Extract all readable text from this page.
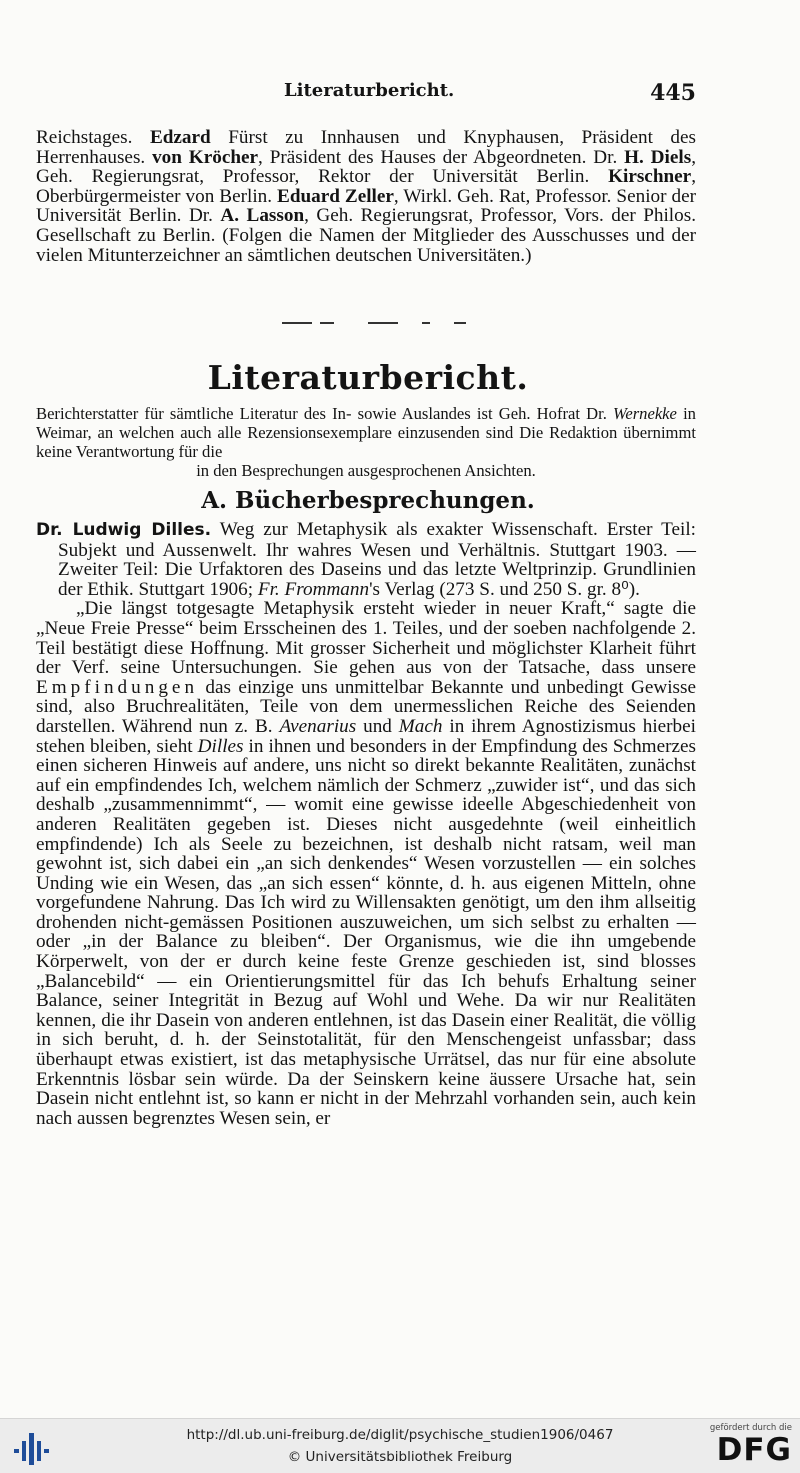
Literaturbericht.	445

Reichstages. Edzard Fürst zu Innhausen und Knyphausen, Präsident des Herrenhauses. von Kröcher, Präsident des Hauses der Abgeordneten. Dr. H. Diels, Geh. Regierungsrat, Professor, Rektor der Universität Berlin. Kirschner, Oberbürgermeister von Berlin. Eduard Zeller, Wirkl. Geh. Rat, Professor. Senior der Universität Berlin. Dr. A. Lasson, Geh. Regierungsrat, Professor, Vors. der Philos. Gesellschaft zu Berlin. (Folgen die Namen der Mitglieder des Ausschusses und der vielen Mitunterzeichner an sämtlichen deutschen Universitäten.)

Literaturbericht.
Berichterstatter für sämtliche Literatur des In- sowie Auslandes ist Geh. Hofrat Dr. Wernekke in Weimar, an welchen auch alle Rezensionsexemplare einzusenden sind Die Redaktion übernimmt keine Verantwortung für die
in den Besprechungen ausgesprochenen Ansichten.
A. Bücherbesprechungen.

Dr. Ludwig Dilles. Weg zur Metaphysik als exakter Wissenschaft. Erster Teil: Subjekt und Aussenwelt. Ihr wahres Wesen und Verhältnis. Stuttgart 1903. — Zweiter Teil: Die Urfaktoren des Daseins und das letzte Weltprinzip. Grundlinien der Ethik. Stuttgart 1906; Fr. Frommann's Verlag (273 S. und 250 S. gr. 8⁰).

„Die längst totgesagte Metaphysik ersteht wieder in neuer Kraft,“ sagte die „Neue Freie Presse“ beim Ersscheinen des 1. Teiles, und der soeben nachfolgende 2. Teil bestätigt diese Hoffnung. Mit grosser Sicherheit und möglichster Klarheit führt der Verf. seine Untersuchungen. Sie gehen aus von der Tatsache, dass unsere Empfindungen das einzige uns unmittelbar Bekannte und unbedingt Gewisse sind, also Bruchrealitäten, Teile von dem unermesslichen Reiche des Seienden darstellen. Während nun z. B. Avenarius und Mach in ihrem Agnostizismus hierbei stehen bleiben, sieht Dilles in ihnen und besonders in der Empfindung des Schmerzes einen sicheren Hinweis auf andere, uns nicht so direkt bekannte Realitäten, zunächst auf ein empfindendes Ich, welchem nämlich der Schmerz „zuwider ist“, und das sich deshalb „zusammennimmt“, — womit eine gewisse ideelle Abgeschiedenheit von anderen Realitäten gegeben ist. Dieses nicht ausgedehnte (weil einheitlich empfindende) Ich als Seele zu bezeichnen, ist deshalb nicht ratsam, weil man gewohnt ist, sich dabei ein „an sich denkendes“ Wesen vorzustellen — ein solches Unding wie ein Wesen, das „an sich essen“ könnte, d. h. aus eigenen Mitteln, ohne vorgefundene Nahrung. Das Ich wird zu Willensakten genötigt, um den ihm allseitig drohenden nicht-gemässen Positionen auszuweichen, um sich selbst zu erhalten — oder „in der Balance zu bleiben“. Der Organismus, wie die ihn umgebende Körperwelt, von der er durch keine feste Grenze geschieden ist, sind blosses „Balancebild“ — ein Orientierungsmittel für das Ich behufs Erhaltung seiner Balance, seiner Integrität in Bezug auf Wohl und Wehe. Da wir nur Realitäten kennen, die ihr Dasein von anderen entlehnen, ist das Dasein einer Realität, die völlig in sich beruht, d. h. der Seinstotalität, für den Menschengeist unfassbar; dass überhaupt etwas existiert, ist das metaphysische Urrätsel, das nur für eine absolute Erkenntnis lösbar sein würde. Da der Seinskern keine äussere Ursache hat, sein Dasein nicht entlehnt ist, so kann er nicht in der Mehrzahl vorhanden sein, auch kein nach aussen begrenztes Wesen sein, er

http://dl.ub.uni-freiburg.de/diglit/psychische_studien1906/0467
© Universitätsbibliothek Freiburg
gefördert durch die
DFG
